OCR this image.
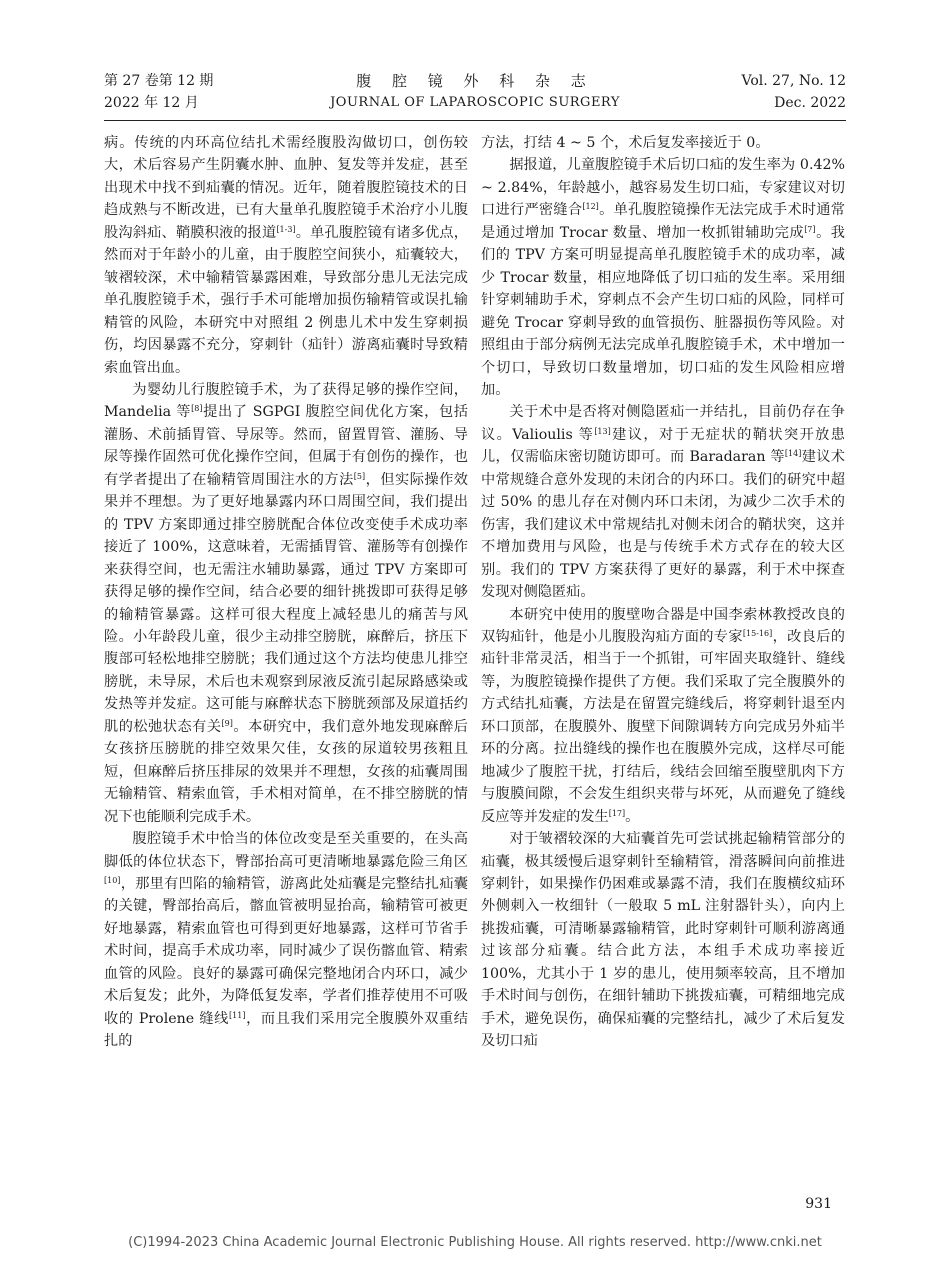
第 27 卷第 12 期
2022 年 12 月
腹 腔 镜 外 科 杂 志
JOURNAL OF LAPAROSCOPIC SURGERY
Vol. 27, No. 12
Dec. 2022

病。传统的内环高位结扎术需经腹股沟做切口，创伤较大，术后容易产生阴囊水肿、血肿、复发等并发症，甚至出现术中找不到疝囊的情况。近年，随着腹腔镜技术的日趋成熟与不断改进，已有大量单孔腹腔镜手术治疗小儿腹股沟斜疝、鞘膜积液的报道[1-3]。单孔腹腔镜有诸多优点，然而对于年龄小的儿童，由于腹腔空间狭小，疝囊较大，皱褶较深，术中输精管暴露困难，导致部分患儿无法完成单孔腹腔镜手术，强行手术可能增加损伤输精管或误扎输精管的风险，本研究中对照组 2 例患儿术中发生穿刺损伤，均因暴露不充分，穿刺针（疝针）游离疝囊时导致精索血管出血。

为婴幼儿行腹腔镜手术，为了获得足够的操作空间，Mandelia 等[8]提出了 SGPGI 腹腔空间优化方案，包括灌肠、术前插胃管、导尿等。然而，留置胃管、灌肠、导尿等操作固然可优化操作空间，但属于有创伤的操作，也有学者提出了在输精管周围注水的方法[5]，但实际操作效果并不理想。为了更好地暴露内环口周围空间，我们提出的 TPV 方案即通过排空膀胱配合体位改变使手术成功率接近了 100%，这意味着，无需插胃管、灌肠等有创操作来获得空间，也无需注水辅助暴露，通过 TPV 方案即可获得足够的操作空间，结合必要的细针挑拨即可获得足够的输精管暴露。这样可很大程度上减轻患儿的痛苦与风险。小年龄段儿童，很少主动排空膀胱，麻醉后，挤压下腹部可轻松地排空膀胱；我们通过这个方法均使患儿排空膀胱，未导尿，术后也未观察到尿液反流引起尿路感染或发热等并发症。这可能与麻醉状态下膀胱颈部及尿道括约肌的松弛状态有关[9]。本研究中，我们意外地发现麻醉后女孩挤压膀胱的排空效果欠佳，女孩的尿道较男孩粗且短，但麻醉后挤压排尿的效果并不理想，女孩的疝囊周围无输精管、精索血管，手术相对简单，在不排空膀胱的情况下也能顺利完成手术。

腹腔镜手术中恰当的体位改变是至关重要的，在头高脚低的体位状态下，臀部抬高可更清晰地暴露危险三角区[10]，那里有凹陷的输精管，游离此处疝囊是完整结扎疝囊的关键，臀部抬高后，髂血管被明显抬高，输精管可被更好地暴露，精索血管也可得到更好地暴露，这样可节省手术时间，提高手术成功率，同时减少了误伤髂血管、精索血管的风险。良好的暴露可确保完整地闭合内环口，减少术后复发；此外，为降低复发率，学者们推荐使用不可吸收的 Prolene 缝线[11]，而且我们采用完全腹膜外双重结扎的

方法，打结 4 ~ 5 个，术后复发率接近于 0。

据报道，儿童腹腔镜手术后切口疝的发生率为 0.42% ~ 2.84%，年龄越小，越容易发生切口疝，专家建议对切口进行严密缝合[12]。单孔腹腔镜操作无法完成手术时通常是通过增加 Trocar 数量、增加一枚抓钳辅助完成[7]。我们的 TPV 方案可明显提高单孔腹腔镜手术的成功率，减少 Trocar 数量，相应地降低了切口疝的发生率。采用细针穿刺辅助手术，穿刺点不会产生切口疝的风险，同样可避免 Trocar 穿刺导致的血管损伤、脏器损伤等风险。对照组由于部分病例无法完成单孔腹腔镜手术，术中增加一个切口，导致切口数量增加，切口疝的发生风险相应增加。

关于术中是否将对侧隐匿疝一并结扎，目前仍存在争议。Valioulis 等[13]建议，对于无症状的鞘状突开放患儿，仅需临床密切随访即可。而 Baradaran 等[14]建议术中常规缝合意外发现的未闭合的内环口。我们的研究中超过 50% 的患儿存在对侧内环口未闭，为减少二次手术的伤害，我们建议术中常规结扎对侧未闭合的鞘状突，这并不增加费用与风险，也是与传统手术方式存在的较大区别。我们的 TPV 方案获得了更好的暴露，利于术中探查发现对侧隐匿疝。

本研究中使用的腹壁吻合器是中国李索林教授改良的双钩疝针，他是小儿腹股沟疝方面的专家[15-16]，改良后的疝针非常灵活，相当于一个抓钳，可牢固夹取缝针、缝线等，为腹腔镜操作提供了方便。我们采取了完全腹膜外的方式结扎疝囊，方法是在留置完缝线后，将穿刺针退至内环口顶部，在腹膜外、腹壁下间隙调转方向完成另外疝半环的分离。拉出缝线的操作也在腹膜外完成，这样尽可能地减少了腹腔干扰，打结后，线结会回缩至腹壁肌肉下方与腹膜间隙，不会发生组织夹带与坏死，从而避免了缝线反应等并发症的发生[17]。

对于皱褶较深的大疝囊首先可尝试挑起输精管部分的疝囊，极其缓慢后退穿刺针至输精管，滑落瞬间向前推进穿刺针，如果操作仍困难或暴露不清，我们在腹横纹疝环外侧刺入一枚细针（一般取 5 mL 注射器针头），向内上挑拨疝囊，可清晰暴露输精管，此时穿刺针可顺利游离通过该部分疝囊。结合此方法，本组手术成功率接近 100%，尤其小于 1 岁的患儿，使用频率较高，且不增加手术时间与创伤，在细针辅助下挑拨疝囊，可精细地完成手术，避免误伤，确保疝囊的完整结扎，减少了术后复发及切口疝

931
(C)1994-2023 China Academic Journal Electronic Publishing House. All rights reserved. http://www.cnki.net
